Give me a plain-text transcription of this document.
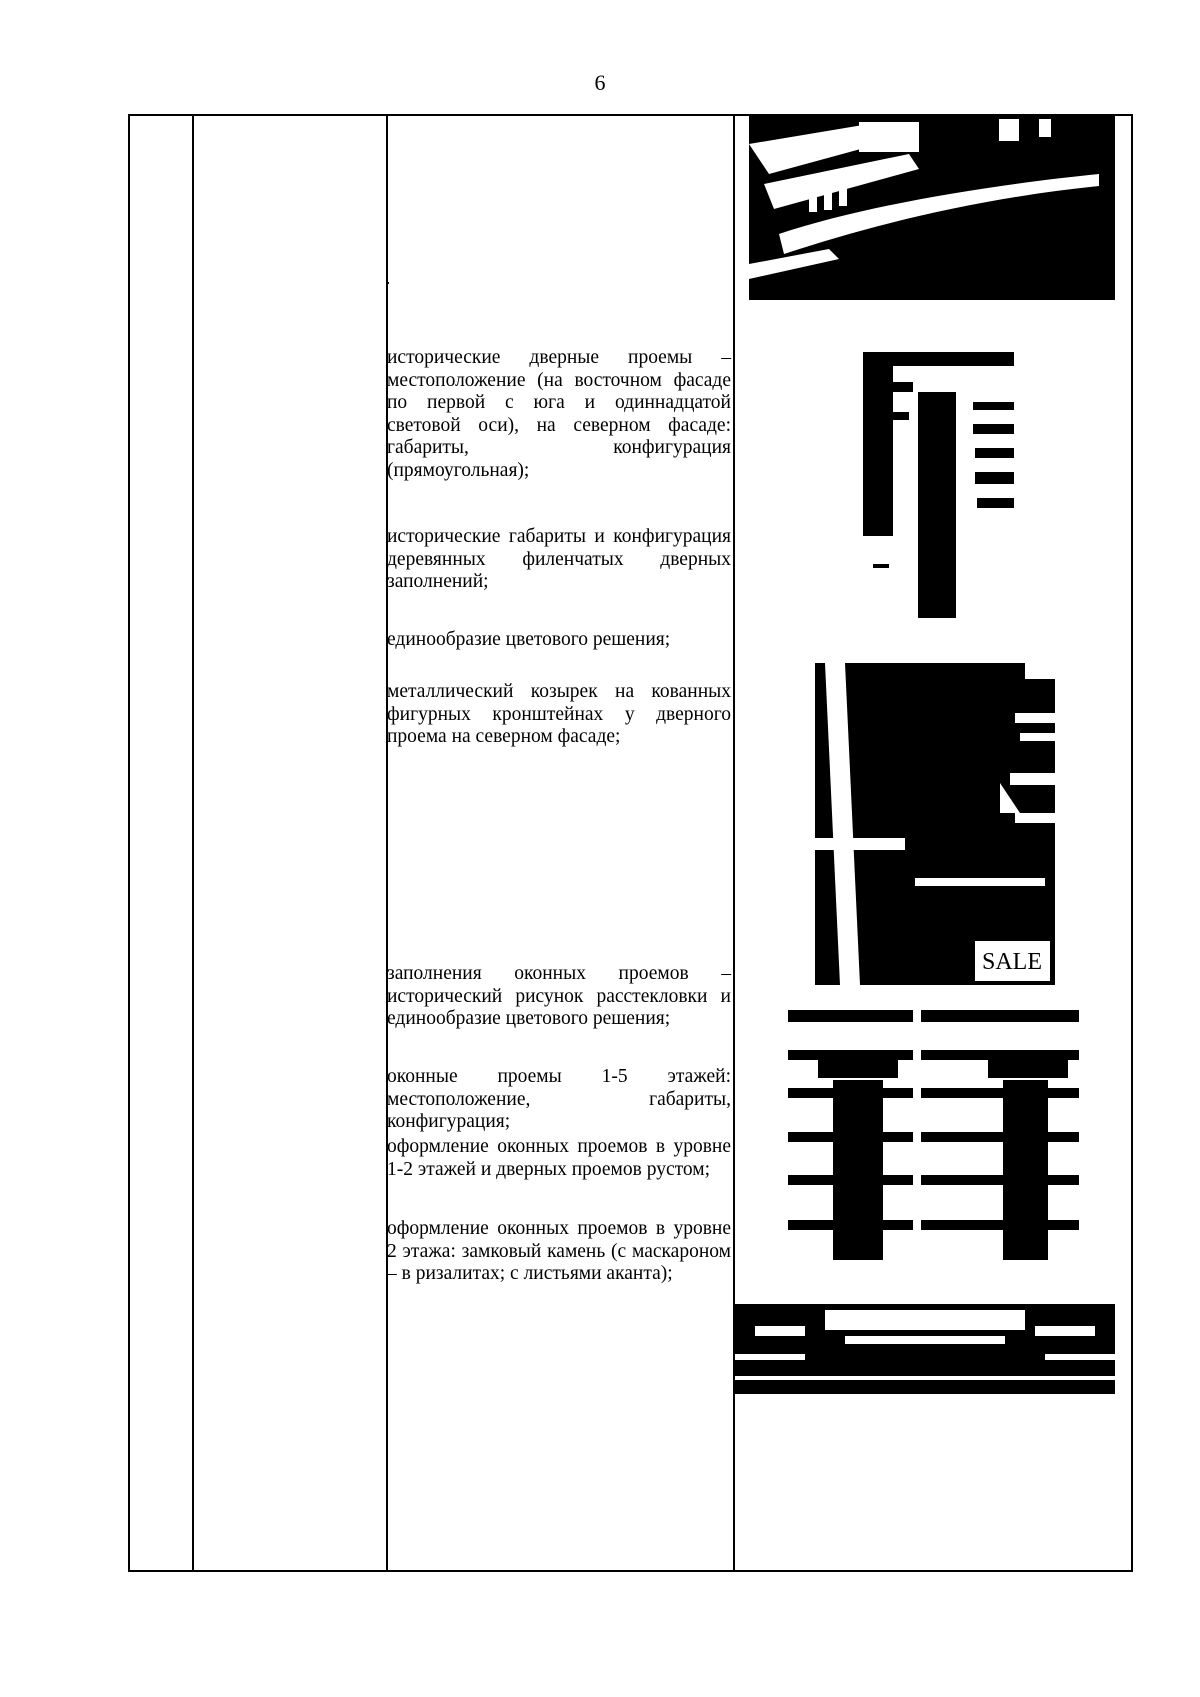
6
исторические дверные проемы – местоположение (на восточном фасаде по первой с юга и одиннадцатой световой оси), на северном фасаде: габариты, конфигурация (прямоугольная);
исторические габариты и конфигурация деревянных филенчатых дверных заполнений;
единообразие цветового решения;
металлический козырек на кованных фигурных кронштейнах у дверного проема на северном фасаде;
заполнения оконных проемов – исторический рисунок расстекловки и единообразие цветового решения;
оконные проемы 1-5 этажей: местоположение, габариты, конфигурация;
оформление оконных проемов в уровне 1-2 этажей и дверных проемов рустом;
оформление оконных проемов в уровне 2 этажа: замковый камень (с маскароном – в ризалитах; с листьями аканта);
SALE
